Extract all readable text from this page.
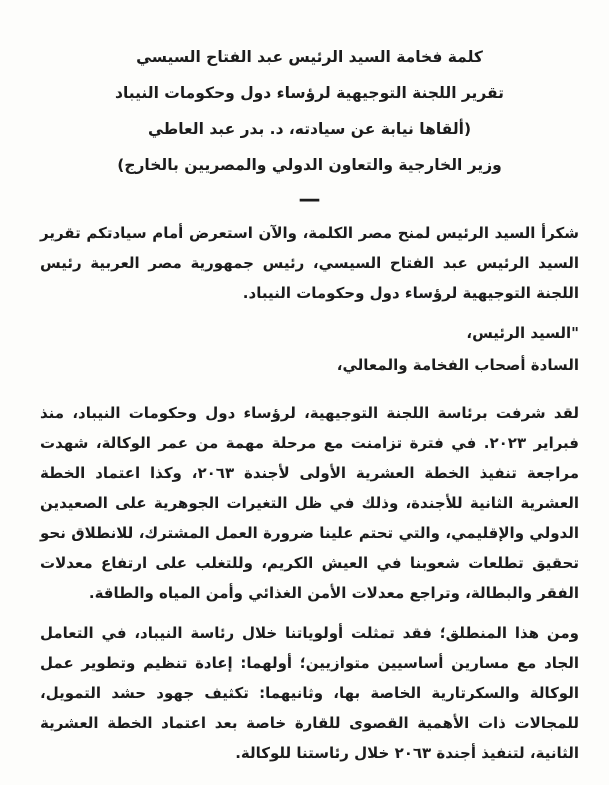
كلمة فخامة السيد الرئيس عبد الفتاح السيسي
تقرير اللجنة التوجيهية لرؤساء دول وحكومات النيباد
(ألقاها نيابة عن سيادته، د. بدر عبد العاطي
وزير الخارجية والتعاون الدولي والمصريين بالخارج)
—

شكرأ السيد الرئيس لمنح مصر الكلمة، والآن استعرض أمام سيادتكم تقرير السيد الرئيس عبد الفتاح السيسي، رئيس جمهورية مصر العربية رئيس اللجنة التوجيهية لرؤساء دول وحكومات النيباد.

"السيد الرئيس،

السادة أصحاب الفخامة والمعالي،

لقد شرفت برئاسة اللجنة التوجيهية، لرؤساء دول وحكومات النيباد، منذ فبراير ٢٠٢٣. في فترة تزامنت مع مرحلة مهمة من عمر الوكالة، شهدت مراجعة تنفيذ الخطة العشرية الأولى لأجندة ٢٠٦٣، وكذا اعتماد الخطة العشرية الثانية للأجندة، وذلك في ظل التغيرات الجوهرية على الصعيدين الدولي والإقليمي، والتي تحتم علينا ضرورة العمل المشترك، للانطلاق نحو تحقيق تطلعات شعوبنا في العيش الكريم، وللتغلب على ارتفاع معدلات الفقر والبطالة، وتراجع معدلات الأمن الغذائي وأمن المياه والطاقة.

ومن هذا المنطلق؛ فقد تمثلت أولوياتنا خلال رئاسة النيباد، في التعامل الجاد مع مسارين أساسيين متوازيين؛ أولهما: إعادة تنظيم وتطوير عمل الوكالة والسكرتارية الخاصة بها، وثانيهما: تكثيف جهود حشد التمويل، للمجالات ذات الأهمية القصوى للقارة خاصة بعد اعتماد الخطة العشرية الثانية، لتنفيذ أجندة ٢٠٦٣ خلال رئاستنا للوكالة.
